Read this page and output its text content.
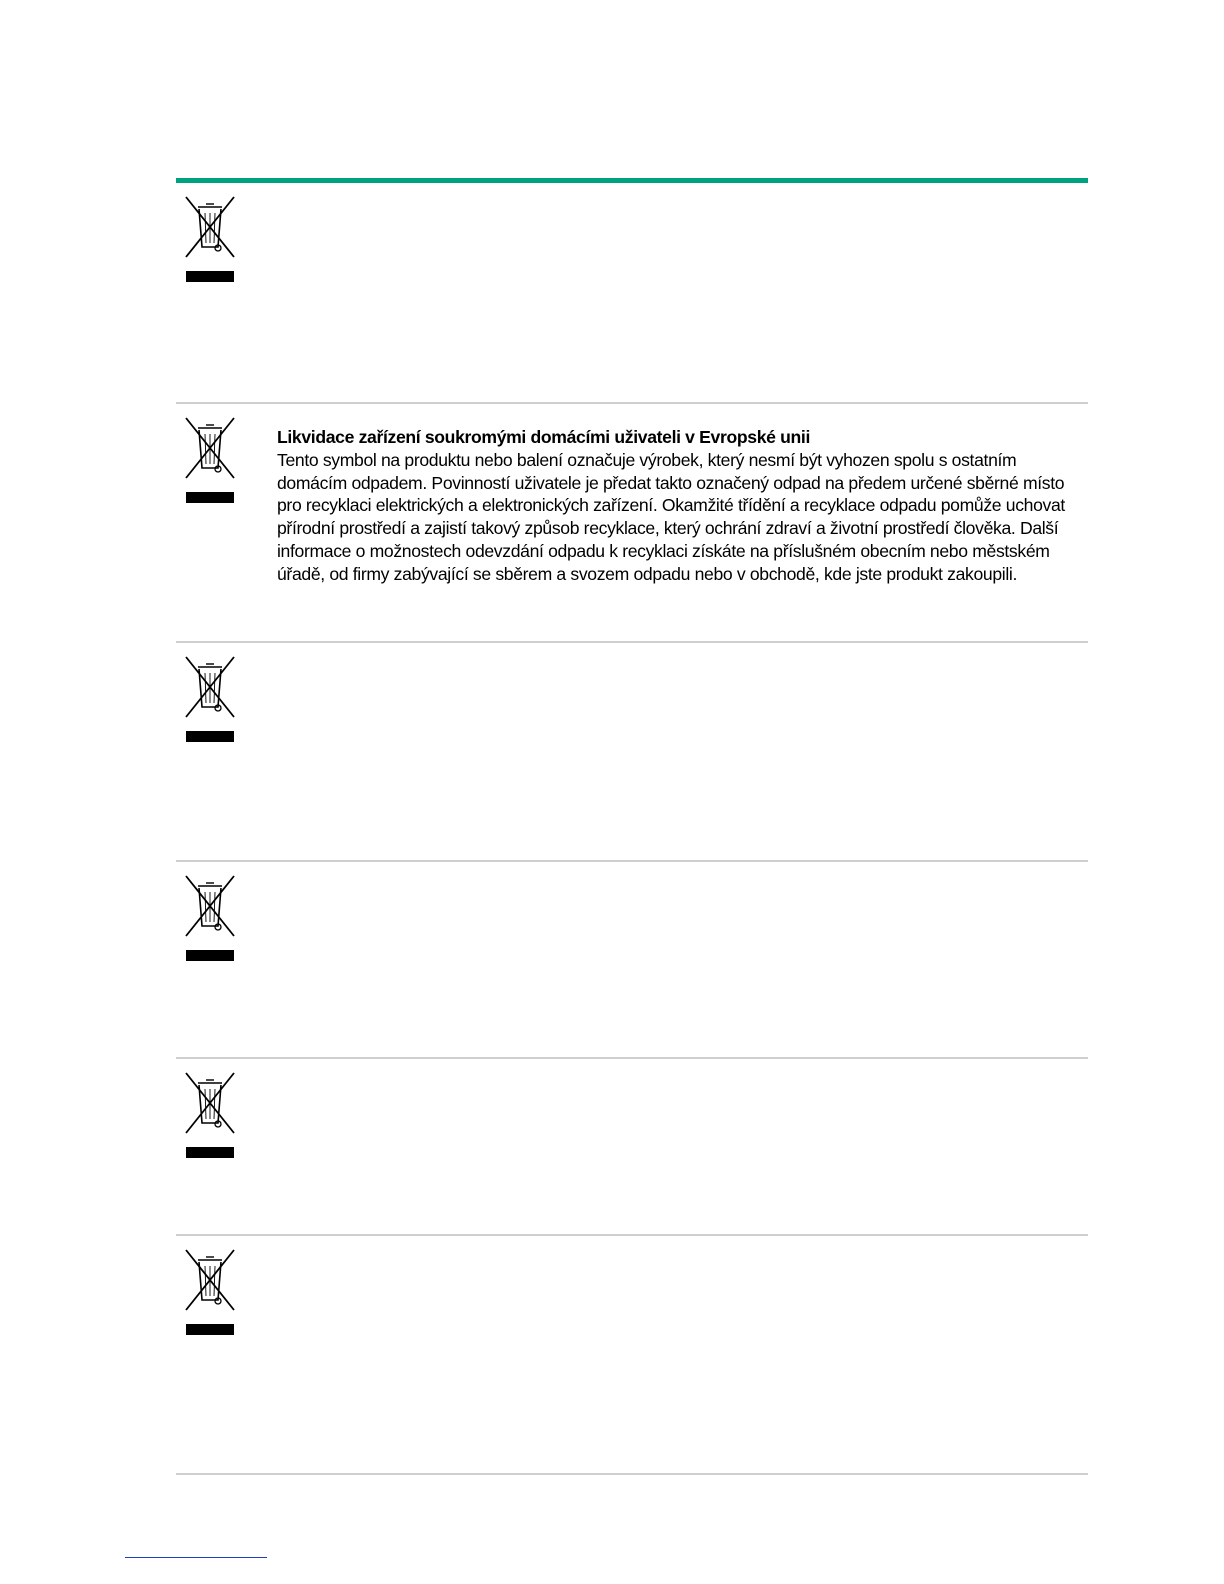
Likvidace zařízení soukromými domácími uživateli v Evropské unii

Tento symbol na produktu nebo balení označuje výrobek, který nesmí být vyhozen spolu s ostatním domácím odpadem. Povinností uživatele je předat takto označený odpad na předem určené sběrné místo pro recyklaci elektrických a elektronických zařízení. Okamžité třídění a recyklace odpadu pomůže uchovat přírodní prostředí a zajistí takový způsob recyklace, který ochrání zdraví a životní prostředí člověka. Další informace o možnostech odevzdání odpadu k recyklaci získáte na příslušném obecním nebo městském úřadě, od firmy zabývající se sběrem a svozem odpadu nebo v obchodě, kde jste produkt zakoupili.
